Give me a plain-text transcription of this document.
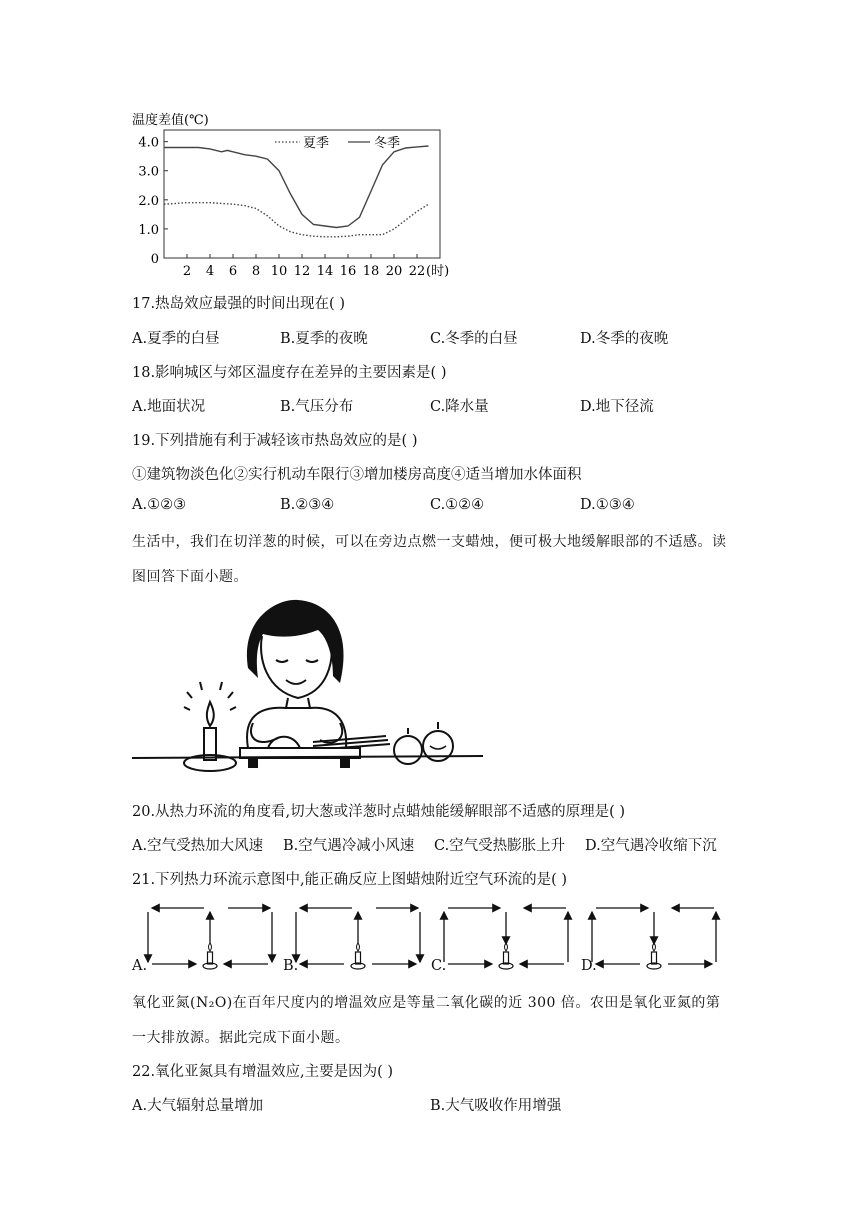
温度差值(℃)
0
1.0
2.0
3.0
4.0
2 4 6 8 10 12 14 16 18 20 22 (时)
夏季	冬季
17.热岛效应最强的时间出现在( )
A.夏季的白昼	B.夏季的夜晚	C.冬季的白昼	D.冬季的夜晚
18.影响城区与郊区温度存在差异的主要因素是( )
A.地面状况	B.气压分布	C.降水量	D.地下径流
19.下列措施有利于减轻该市热岛效应的是( )
①建筑物淡色化②实行机动车限行③增加楼房高度④适当增加水体面积
A.①②③	B.②③④	C.①②④	D.①③④
生活中，我们在切洋葱的时候，可以在旁边点燃一支蜡烛，便可极大地缓解眼部的不适感。读
图回答下面小题。
20.从热力环流的角度看,切大葱或洋葱时点蜡烛能缓解眼部不适感的原理是( )
A.空气受热加大风速 B.空气遇冷减小风速 C.空气受热膨胀上升 D.空气遇冷收缩下沉
21.下列热力环流示意图中,能正确反应上图蜡烛附近空气环流的是( )
A.	B.	C.	D.
氧化亚氮(N₂O)在百年尺度内的增温效应是等量二氧化碳的近 300 倍。农田是氧化亚氮的第
一大排放源。据此完成下面小题。
22.氧化亚氮具有增温效应,主要是因为( )
A.大气辐射总量增加	B.大气吸收作用增强
